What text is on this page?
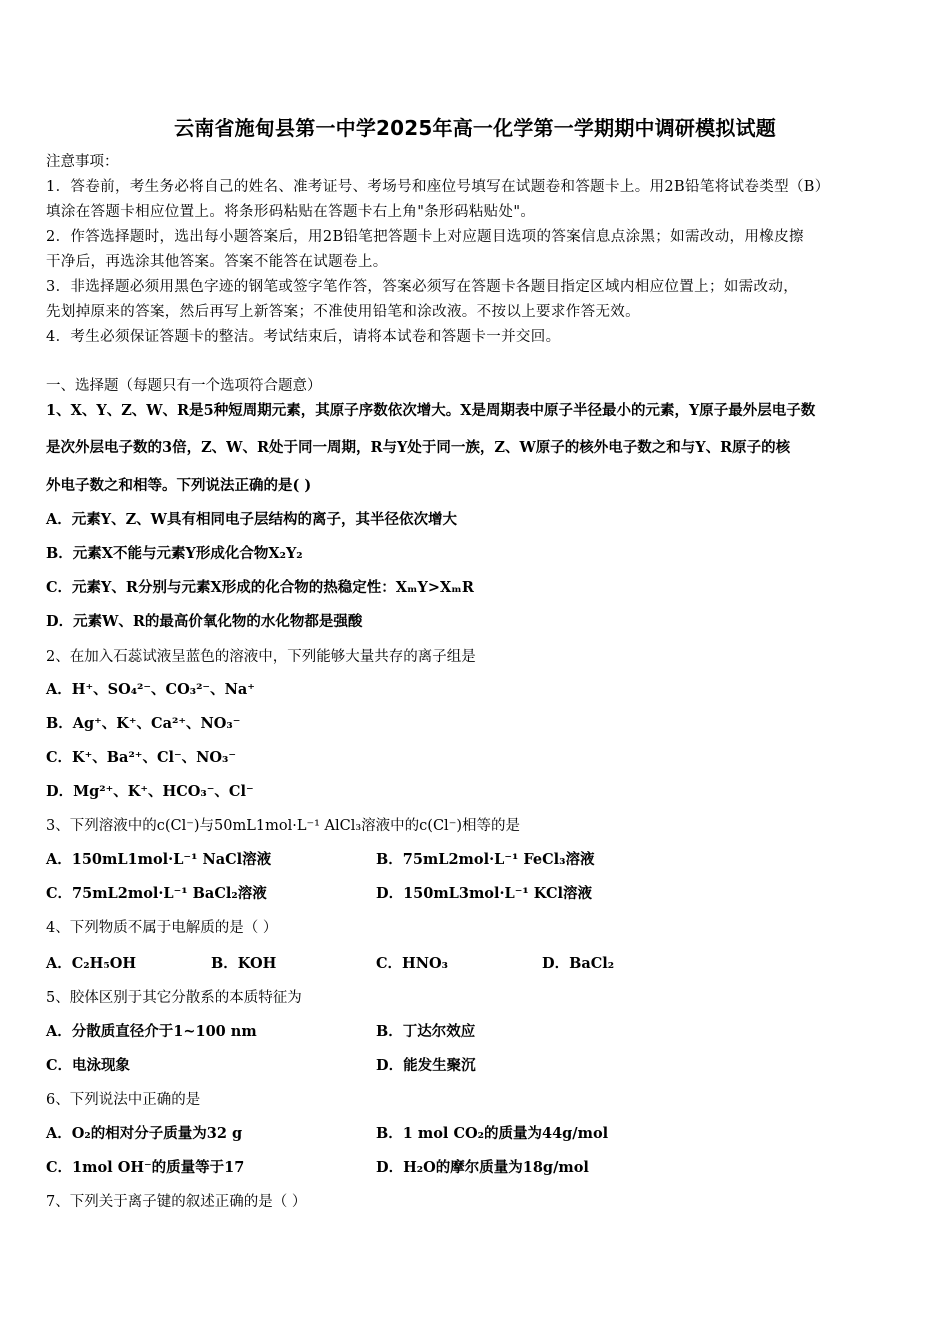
云南省施甸县第一中学2025年高一化学第一学期期中调研模拟试题
注意事项：
1．答卷前，考生务必将自己的姓名、准考证号、考场号和座位号填写在试题卷和答题卡上。用2B铅笔将试卷类型（B）
填涂在答题卡相应位置上。将条形码粘贴在答题卡右上角"条形码粘贴处"。
2．作答选择题时，选出每小题答案后，用2B铅笔把答题卡上对应题目选项的答案信息点涂黑；如需改动，用橡皮擦
干净后，再选涂其他答案。答案不能答在试题卷上。
3．非选择题必须用黑色字迹的钢笔或签字笔作答，答案必须写在答题卡各题目指定区域内相应位置上；如需改动，
先划掉原来的答案，然后再写上新答案；不准使用铅笔和涂改液。不按以上要求作答无效。
4．考生必须保证答题卡的整洁。考试结束后，请将本试卷和答题卡一并交回。
一、选择题（每题只有一个选项符合题意）
1、X、Y、Z、W、R是5种短周期元素，其原子序数依次增大。X是周期表中原子半径最小的元素，Y原子最外层电子数
是次外层电子数的3倍，Z、W、R处于同一周期，R与Y处于同一族，Z、W原子的核外电子数之和与Y、R原子的核
外电子数之和相等。下列说法正确的是( )
A．元素Y、Z、W具有相同电子层结构的离子，其半径依次增大
B．元素X不能与元素Y形成化合物X₂Y₂
C．元素Y、R分别与元素X形成的化合物的热稳定性：XₘY>XₘR
D．元素W、R的最高价氧化物的水化物都是强酸
2、在加入石蕊试液呈蓝色的溶液中，下列能够大量共存的离子组是
A．H⁺、SO₄²⁻、CO₃²⁻、Na⁺
B．Ag⁺、K⁺、Ca²⁺、NO₃⁻
C．K⁺、Ba²⁺、Cl⁻、NO₃⁻
D．Mg²⁺、K⁺、HCO₃⁻、Cl⁻
3、下列溶液中的c(Cl⁻)与50mL1mol·L⁻¹ AlCl₃溶液中的c(Cl⁻)相等的是
A．150mL1mol·L⁻¹ NaCl溶液	B．75mL2mol·L⁻¹ FeCl₃溶液
C．75mL2mol·L⁻¹ BaCl₂溶液	D．150mL3mol·L⁻¹ KCl溶液
4、下列物质不属于电解质的是（ ）
A．C₂H₅OH	B．KOH	C．HNO₃	D．BaCl₂
5、胶体区别于其它分散系的本质特征为
A．分散质直径介于1~100 nm	B．丁达尔效应
C．电泳现象	D．能发生聚沉
6、下列说法中正确的是
A．O₂的相对分子质量为32 g	B．1 mol CO₂的质量为44g/mol
C．1mol OH⁻的质量等于17	D．H₂O的摩尔质量为18g/mol
7、下列关于离子键的叙述正确的是（ ）
